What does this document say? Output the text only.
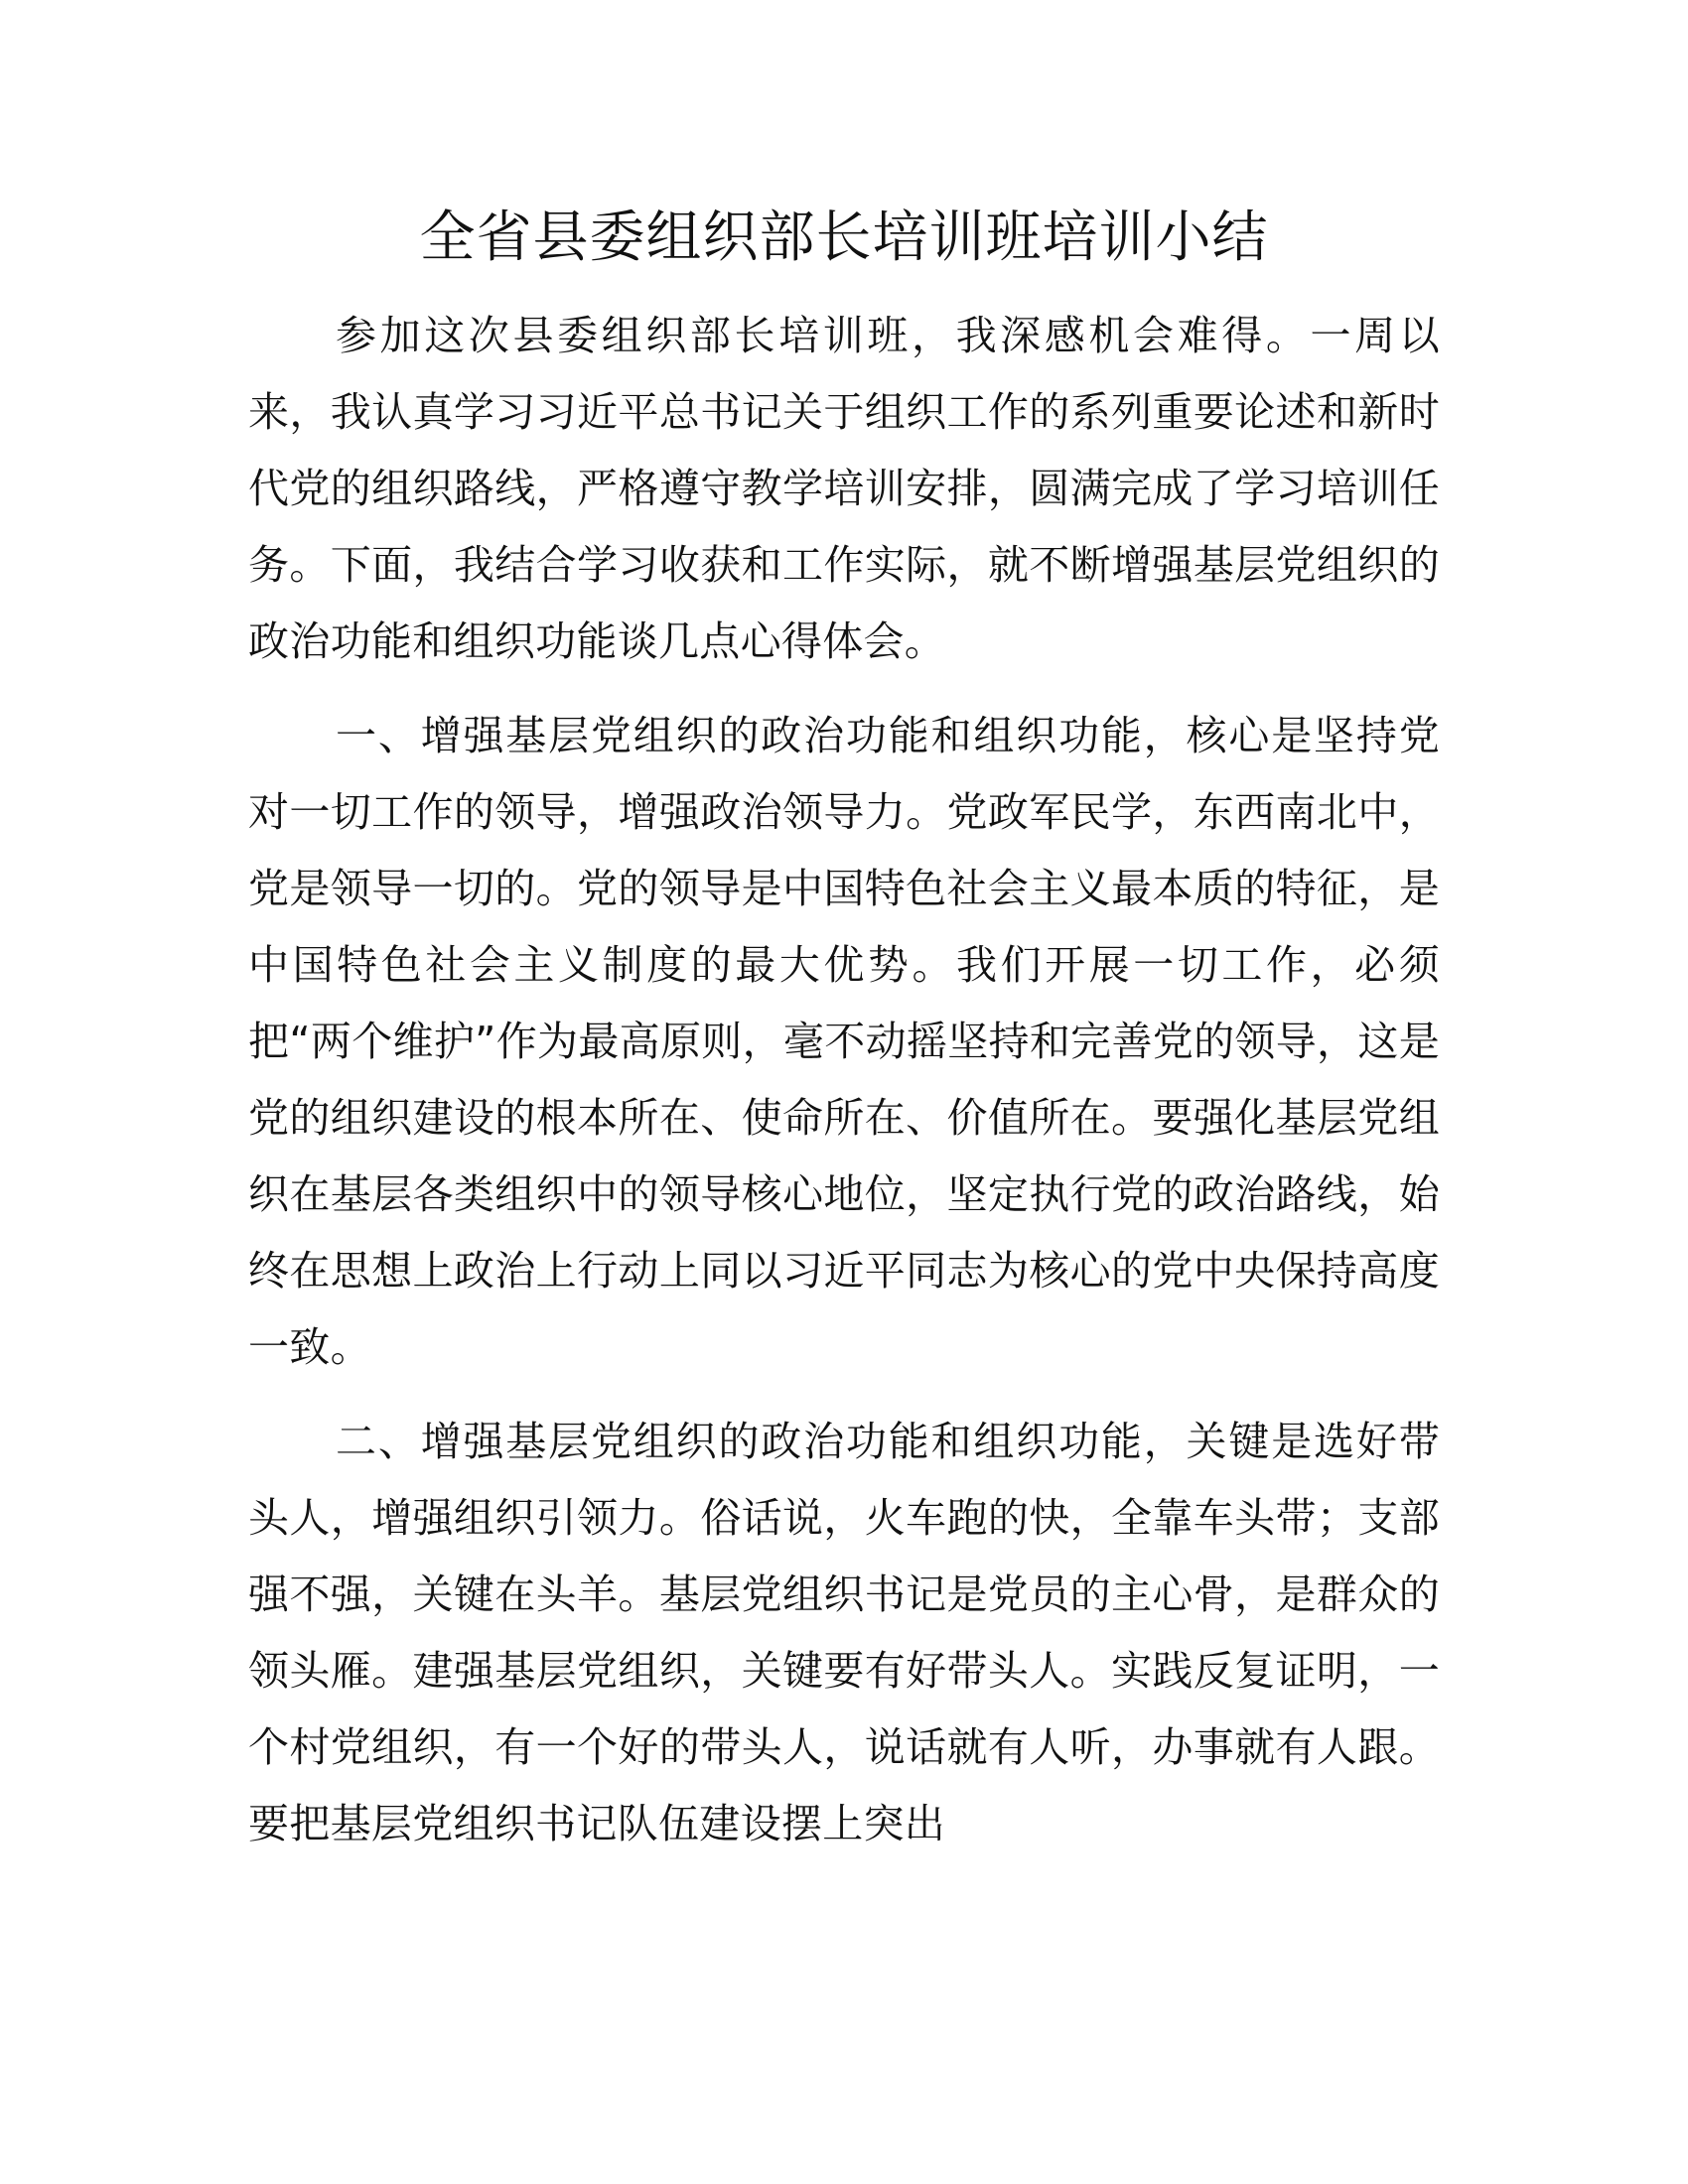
全省县委组织部长培训班培训小结

参加这次县委组织部长培训班，我深感机会难得。一周以来，我认真学习习近平总书记关于组织工作的系列重要论述和新时代党的组织路线，严格遵守教学培训安排，圆满完成了学习培训任务。下面，我结合学习收获和工作实际，就不断增强基层党组织的政治功能和组织功能谈几点心得体会。

一、增强基层党组织的政治功能和组织功能，核心是坚持党对一切工作的领导，增强政治领导力。党政军民学，东西南北中，党是领导一切的。党的领导是中国特色社会主义最本质的特征，是中国特色社会主义制度的最大优势。我们开展一切工作，必须把“两个维护”作为最高原则，毫不动摇坚持和完善党的领导，这是党的组织建设的根本所在、使命所在、价值所在。要强化基层党组织在基层各类组织中的领导核心地位，坚定执行党的政治路线，始终在思想上政治上行动上同以习近平同志为核心的党中央保持高度一致。

二、增强基层党组织的政治功能和组织功能，关键是选好带头人，增强组织引领力。俗话说，火车跑的快，全靠车头带；支部强不强，关键在头羊。基层党组织书记是党员的主心骨，是群众的领头雁。建强基层党组织，关键要有好带头人。实践反复证明，一个村党组织，有一个好的带头人，说话就有人听，办事就有人跟。要把基层党组织书记队伍建设摆上突出
